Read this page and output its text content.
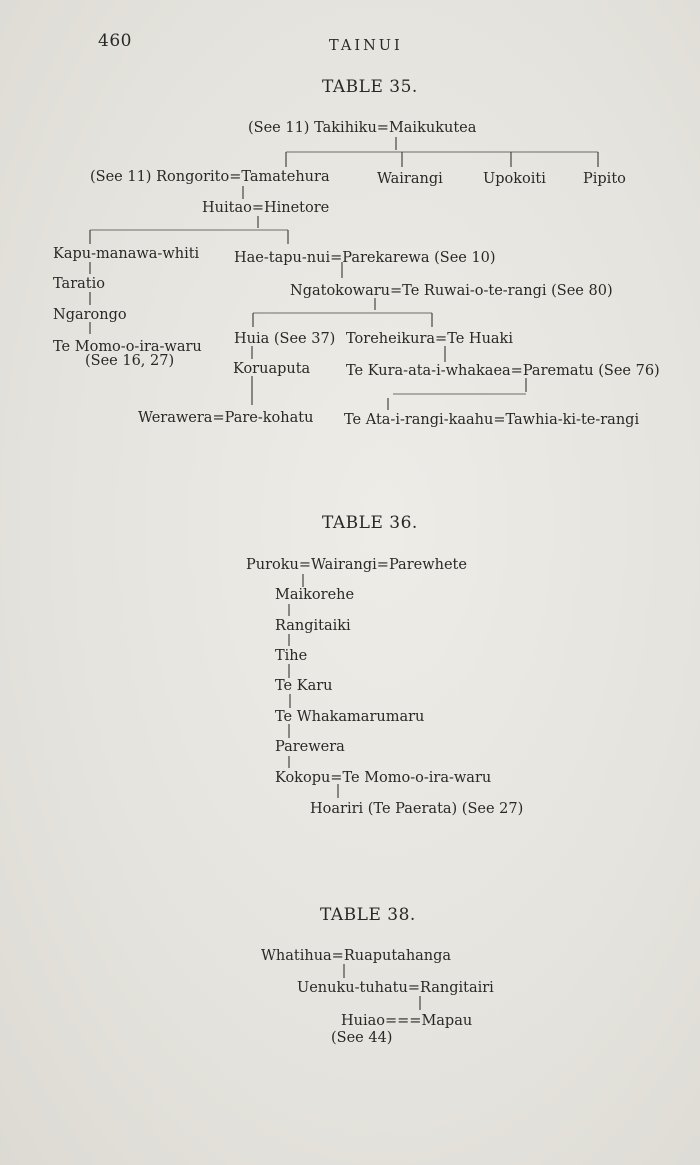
460	TAINUI
TABLE 35.
(See 11) Takihiku=Maikukutea
(See 11) Rongorito=Tamatehura	Wairangi	Upokoiti	Pipito
Huitao=Hinetore
Kapu-manawa-whiti Hae-tapu-nui=Parekarewa (See 10)
Taratio	Ngatokowaru=Te Ruwai-o-te-rangi (See 80)
Ngarongo
Te Momo-o-ira-waru
(See 16, 27)
Huia (See 37) Toreheikura=Te Huaki
Koruaputa Te Kura-ata-i-whakaea=Parematu (See 76)
Werawera=Pare-kohatu Te Ata-i-rangi-kaahu=Tawhia-ki-te-rangi
TABLE 36.
Puroku=Wairangi=Parewhete
Maikorehe
Rangitaiki
Tihe
Te Karu
Te Whakamarumaru
Parewera
Kokopu=Te Momo-o-ira-waru
Hoariri (Te Paerata) (See 27)
TABLE 38.
Whatihua=Ruaputahanga
Uenuku-tuhatu=Rangitairi
Huiao===Mapau
(See 44)
